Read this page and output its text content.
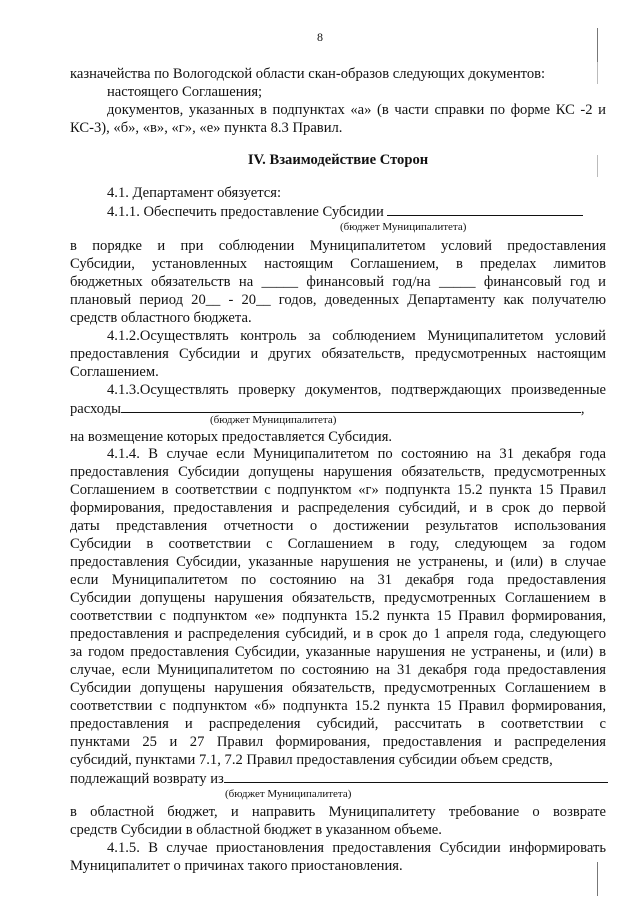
8
казначейства по Вологодской области скан-образов следующих документов:
настоящего Соглашения;
документов, указанных в подпунктах «а» (в части справки по форме КС -2 и
КС-3), «б», «в», «г», «е» пункта 8.3 Правил.
IV. Взаимодействие Сторон
4.1. Департамент обязуется:
4.1.1. Обеспечить предоставление Субсидии
(бюджет Муниципалитета)
в порядке и при соблюдении Муниципалитетом условий предоставления
Субсидии, установленных настоящим Соглашением, в пределах лимитов
бюджетных обязательств на _____ финансовый год/на _____ финансовый год и
плановый период 20__ - 20__ годов, доведенных Департаменту как получателю
средств областного бюджета.
4.1.2.Осуществлять контроль за соблюдением Муниципалитетом условий
предоставления Субсидии и других обязательств, предусмотренных настоящим
Соглашением.
4.1.3.Осуществлять проверку документов, подтверждающих произведенные
расходы	,
(бюджет Муниципалитета)
на возмещение которых предоставляется Субсидия.
4.1.4. В случае если Муниципалитетом по состоянию на 31 декабря года
предоставления Субсидии допущены нарушения обязательств, предусмотренных
Соглашением в соответствии с подпунктом «г» подпункта 15.2 пункта 15 Правил
формирования, предоставления и распределения субсидий, и в срок до первой
даты представления отчетности о достижении результатов использования
Субсидии в соответствии с Соглашением в году, следующем за годом
предоставления Субсидии, указанные нарушения не устранены, и (или) в случае
если Муниципалитетом по состоянию на 31 декабря года предоставления
Субсидии допущены нарушения обязательств, предусмотренных Соглашением в
соответствии с подпунктом «е» подпункта 15.2 пункта 15 Правил формирования,
предоставления и распределения субсидий, и в срок до 1 апреля года, следующего
за годом предоставления Субсидии, указанные нарушения не устранены, и (или) в
случае, если Муниципалитетом по состоянию на 31 декабря года предоставления
Субсидии допущены нарушения обязательств, предусмотренных Соглашением в
соответствии с подпунктом «б» подпункта 15.2 пункта 15 Правил формирования,
предоставления и распределения субсидий, рассчитать в соответствии с
пунктами 25 и 27 Правил формирования, предоставления и распределения
субсидий, пунктами 7.1, 7.2 Правил предоставления субсидии объем средств,
подлежащий возврату из
(бюджет Муниципалитета)
в областной бюджет, и направить Муниципалитету требование о возврате
средств Субсидии в областной бюджет в указанном объеме.
4.1.5. В случае приостановления предоставления Субсидии информировать
Муниципалитет о причинах такого приостановления.
